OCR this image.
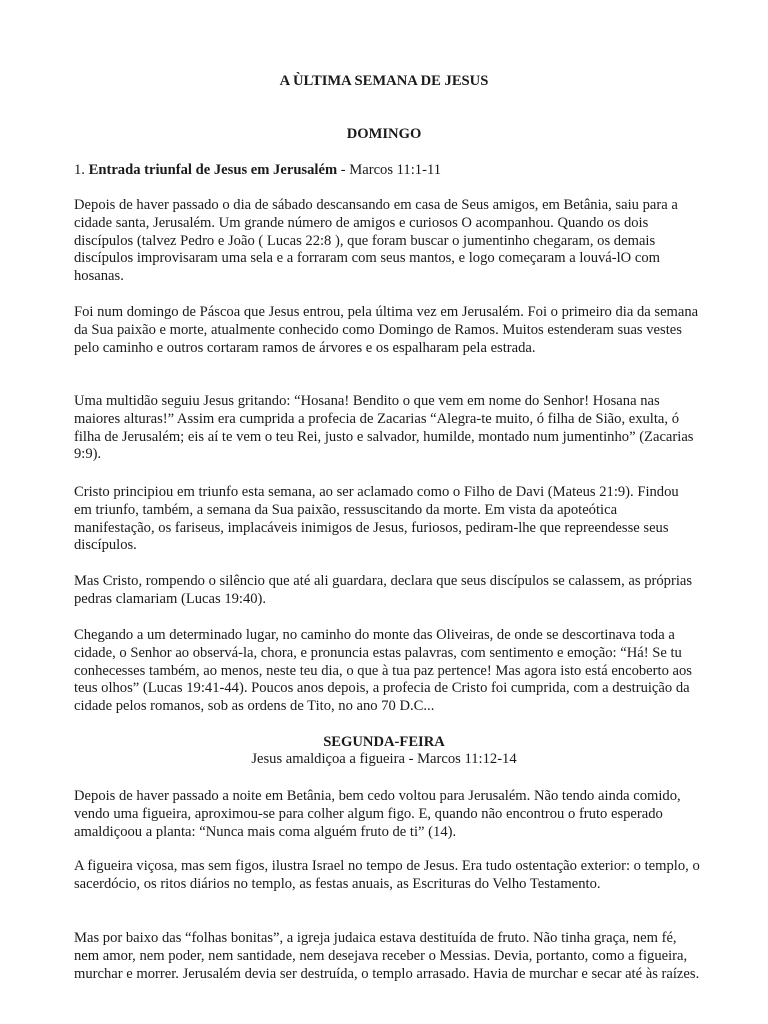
A ÙLTIMA SEMANA DE JESUS
DOMINGO

1. Entrada triunfal de Jesus em Jerusalém - Marcos 11:1-11

Depois de haver passado o dia de sábado descansando em casa de Seus amigos, em Betânia, saiu para a cidade santa, Jerusalém. Um grande número de amigos e curiosos O acompanhou. Quando os dois discípulos (talvez Pedro e João ( Lucas 22:8 ), que foram buscar o jumentinho chegaram, os demais discípulos improvisaram uma sela e a forraram com seus mantos, e logo começaram a louvá-lO com hosanas.

Foi num domingo de Páscoa que Jesus entrou, pela última vez em Jerusalém. Foi o primeiro dia da semana da Sua paixão e morte, atualmente conhecido como Domingo de Ramos. Muitos estenderam suas vestes pelo caminho e outros cortaram ramos de árvores e os espalharam pela estrada.

Uma multidão seguiu Jesus gritando: “Hosana! Bendito o que vem em nome do Senhor! Hosana nas maiores alturas!” Assim era cumprida a profecia de Zacarias “Alegra-te muito, ó filha de Sião, exulta, ó filha de Jerusalém; eis aí te vem o teu Rei, justo e salvador, humilde, montado num jumentinho” (Zacarias 9:9).

Cristo principiou em triunfo esta semana, ao ser aclamado como o Filho de Davi (Mateus 21:9). Findou em triunfo, também, a semana da Sua paixão, ressuscitando da morte. Em vista da apoteótica manifestação, os fariseus, implacáveis inimigos de Jesus, furiosos, pediram-lhe que repreendesse seus discípulos.

Mas Cristo, rompendo o silêncio que até ali guardara, declara que seus discípulos se calassem, as próprias pedras clamariam (Lucas 19:40).

Chegando a um determinado lugar, no caminho do monte das Oliveiras, de onde se descortinava toda a cidade, o Senhor ao observá-la, chora, e pronuncia estas palavras, com sentimento e emoção: “Há! Se tu conhecesses também, ao menos, neste teu dia, o que à tua paz pertence! Mas agora isto está encoberto aos teus olhos” (Lucas 19:41-44). Poucos anos depois, a profecia de Cristo foi cumprida, com a destruição da cidade pelos romanos, sob as ordens de Tito, no ano 70 D.C...

SEGUNDA-FEIRA
Jesus amaldiçoa a figueira - Marcos 11:12-14

Depois de haver passado a noite em Betânia, bem cedo voltou para Jerusalém. Não tendo ainda comido, vendo uma figueira, aproximou-se para colher algum figo. E, quando não encontrou o fruto esperado amaldiçoou a planta: “Nunca mais coma alguém fruto de ti” (14).

A figueira viçosa, mas sem figos, ilustra Israel no tempo de Jesus. Era tudo ostentação exterior: o templo, o sacerdócio, os ritos diários no templo, as festas anuais, as Escrituras do Velho Testamento.

Mas por baixo das “folhas bonitas”, a igreja judaica estava destituída de fruto. Não tinha graça, nem fé, nem amor, nem poder, nem santidade, nem desejava receber o Messias. Devia, portanto, como a figueira, murchar e morrer. Jerusalém devia ser destruída, o templo arrasado. Havia de murchar e secar até às raízes.
